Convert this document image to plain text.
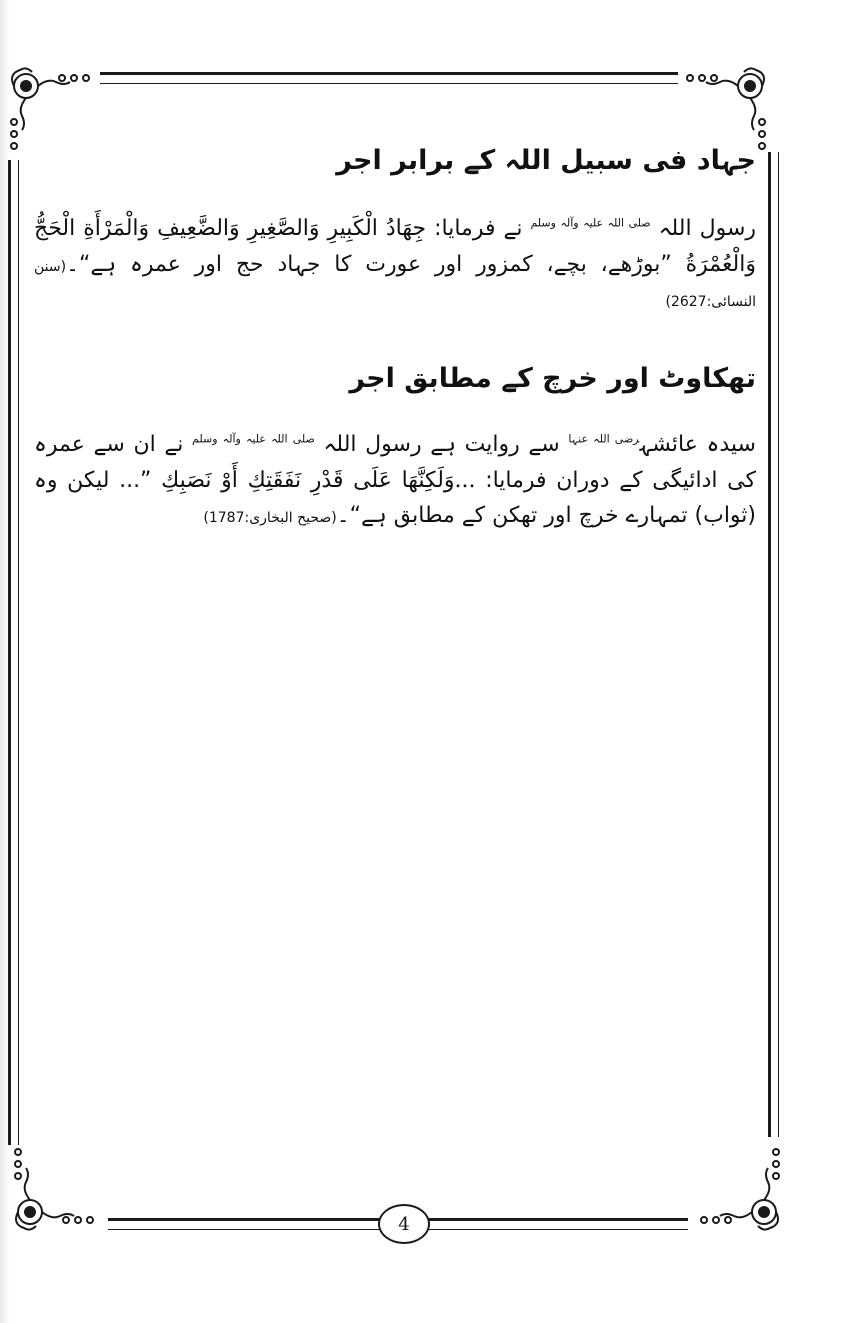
جہاد فی سبیل اللہ کے برابر اجر

رسول اللہ $^{صلی اللہ علیہ وآلہ وسلم}$ نے فرمایا: جِهَادُ الْكَبِيرِ وَالصَّغِيرِ وَالضَّعِيفِ وَالْمَرْأَةِ الْحَجُّ وَالْعُمْرَةُ ”بوڑھے، بچے، کمزور اور عورت کا جہاد حج اور عمرہ ہے“۔(سنن النسائی:2627)

تھکاوٹ اور خرچ کے مطابق اجر

سیدہ عائشہ$^{رضی اللہ عنہا}$ سے روایت ہے رسول اللہ $^{صلی اللہ علیہ وآلہ وسلم}$ نے ان سے عمرہ کی ادائیگی کے دوران فرمایا: ...وَلَكِنَّهَا عَلَى قَدْرِ نَفَقَتِكِ أَوْ نَصَبِكِ ”... لیکن وہ (ثواب) تمہارے خرچ اور تھکن کے مطابق ہے“۔(صحیح البخاری:1787)

4
